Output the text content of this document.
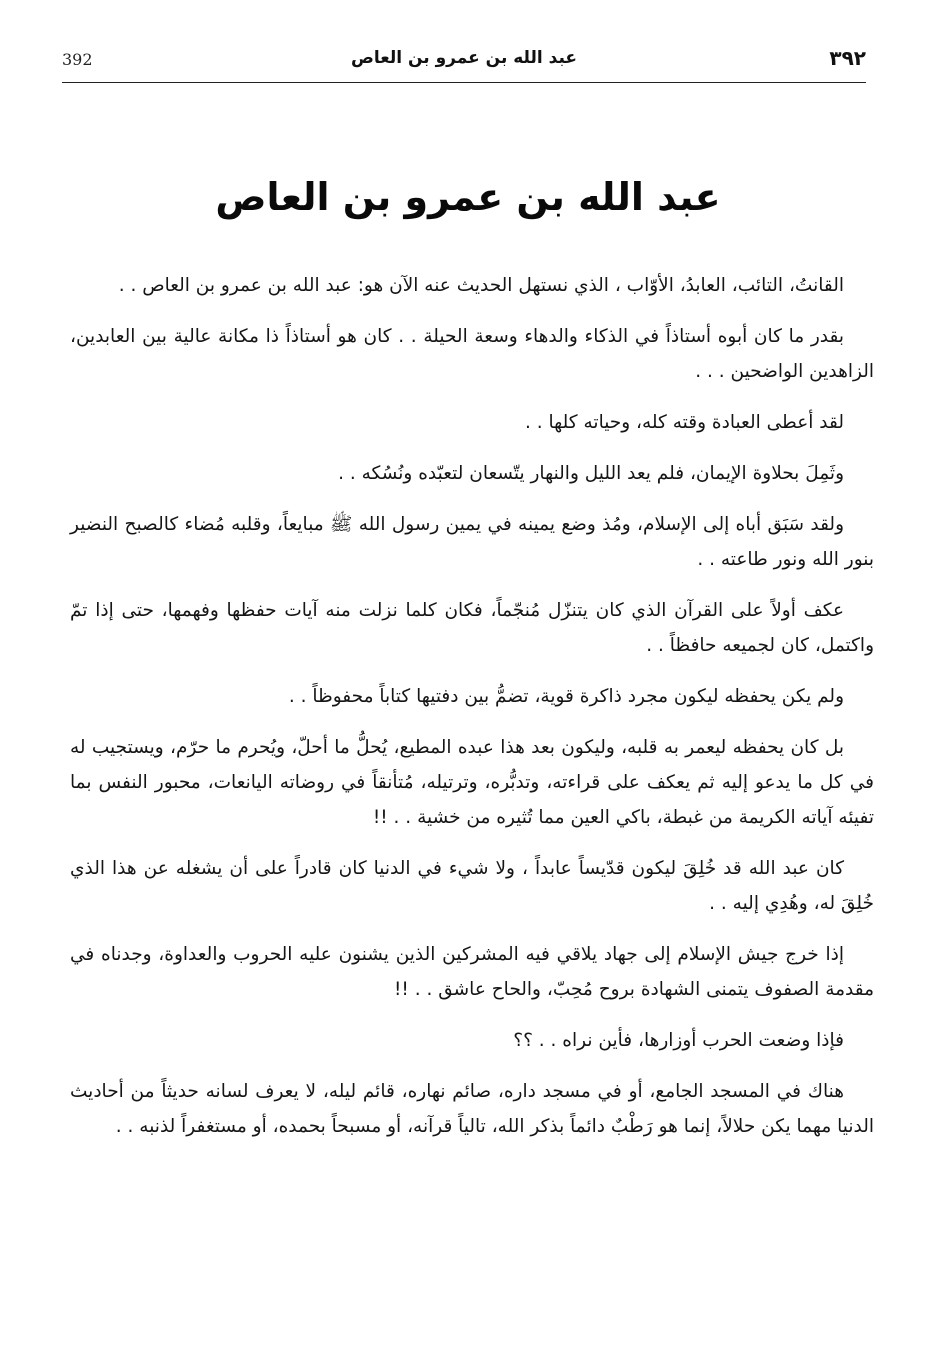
392	عبد الله بن عمرو بن العاص	٣٩٢
عبد الله بن عمرو بن العاص

القانتُ، التائب، العابدُ، الأوّاب ، الذي نستهل الحديث عنه الآن هو: عبد الله بن عمرو بن العاص . .

بقدر ما كان أبوه أستاذاً في الذكاء والدهاء وسعة الحيلة . . كان هو أستاذاً ذا مكانة عالية بين العابدين، الزاهدين الواضحين . . .

لقد أعطى العبادة وقته كله، وحياته كلها . .

وثَمِلَ بحلاوة الإيمان، فلم يعد الليل والنهار يتّسعان لتعبّده ونُسُكه . .

ولقد سَبَق أباه إلى الإسلام، ومُذ وضع يمينه في يمين رسول الله ﷺ مبايعاً، وقلبه مُضاء كالصبح النضير بنور الله ونور طاعته . .

عكف أولاً على القرآن الذي كان يتنزّل مُنجّماً، فكان كلما نزلت منه آيات حفظها وفهمها، حتى إذا تمّ واكتمل، كان لجميعه حافظاً . .

ولم يكن يحفظه ليكون مجرد ذاكرة قوية، تضمُّ بين دفتيها كتاباً محفوظاً . .

بل كان يحفظه ليعمر به قلبه، وليكون بعد هذا عبده المطيع، يُحلُّ ما أحلّ، ويُحرم ما حرّم، ويستجيب له في كل ما يدعو إليه ثم يعكف على قراءته، وتدبُّره، وترتيله، مُتأنقاً في روضاته اليانعات، محبور النفس بما تفيئه آياته الكريمة من غبطة، باكي العين مما تُثيره من خشية . . !!

كان عبد الله قد خُلِقَ ليكون قدّيساً عابداً ، ولا شيء في الدنيا كان قادراً على أن يشغله عن هذا الذي خُلِقَ له، وهُدِي إليه . .

إذا خرج جيش الإسلام إلى جهاد يلاقي فيه المشركين الذين يشنون عليه الحروب والعداوة، وجدناه في مقدمة الصفوف يتمنى الشهادة بروح مُحِبّ، والحاح عاشق . . !!

فإذا وضعت الحرب أوزارها، فأين نراه . . ؟؟

هناك في المسجد الجامع، أو في مسجد داره، صائم نهاره، قائم ليله، لا يعرف لسانه حديثاً من أحاديث الدنيا مهما يكن حلالاً، إنما هو رَطْبٌ دائماً بذكر الله، تالياً قرآنه، أو مسبحاً بحمده، أو مستغفراً لذنبه . .
